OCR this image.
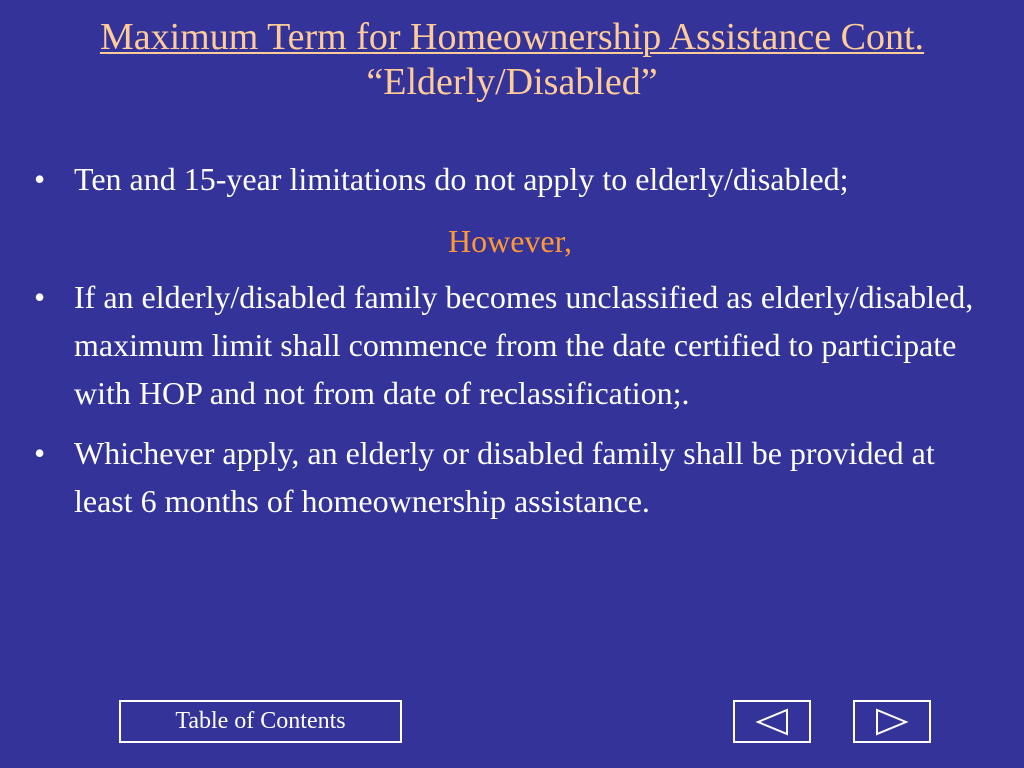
Maximum Term for Homeownership Assistance Cont.
“Elderly/Disabled”
• Ten and 15-year limitations do not apply to elderly/disabled;
However,
• If an elderly/disabled family becomes unclassified as elderly/disabled, maximum limit shall commence from the date certified to participate with HOP and not from date of reclassification;.
• Whichever apply, an elderly or disabled family shall be provided at least 6 months of homeownership assistance.
Table of Contents
